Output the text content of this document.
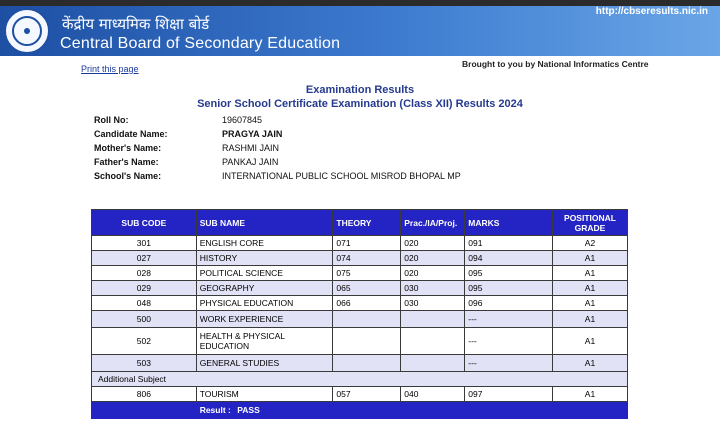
केंद्रीय माध्यमिक शिक्षा बोर्ड
Central Board of Secondary Education
http://cbseresults.nic.in
Print this page	Brought to you by National Informatics Centre
Examination Results
Senior School Certificate Examination (Class XII) Results 2024
Roll No:	19607845
Candidate Name:	PRAGYA JAIN
Mother's Name:	RASHMI JAIN
Father's Name:	PANKAJ JAIN
School's Name:	INTERNATIONAL PUBLIC SCHOOL MISROD BHOPAL MP
SUB CODE	SUB NAME	THEORY	Prac./IA/Proj.	MARKS	POSITIONAL GRADE
301	ENGLISH CORE	071	020	091	A2
027	HISTORY	074	020	094	A1
028	POLITICAL SCIENCE	075	020	095	A1
029	GEOGRAPHY	065	030	095	A1
048	PHYSICAL EDUCATION	066	030	096	A1
500	WORK EXPERIENCE			---	A1
502	HEALTH & PHYSICAL EDUCATION			---	A1
503	GENERAL STUDIES			---	A1
Additional Subject					
806	TOURISM	057	040	097	A1
	Result : PASS				
